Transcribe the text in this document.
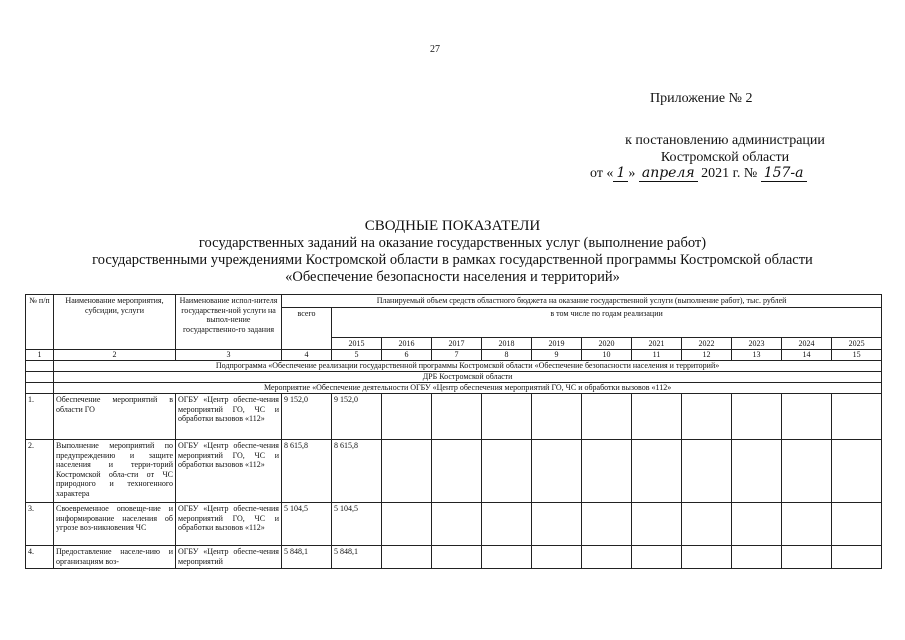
27
Приложение № 2
к постановлению администрации
Костромской области
от « 1 » апреля 2021 г. № 157-а
СВОДНЫЕ ПОКАЗАТЕЛИ
государственных заданий на оказание государственных услуг (выполнение работ)
государственными учреждениями Костромской области в рамках государственной программы Костромской области
«Обеспечение безопасности населения и территорий»
№ п/п	Наименование мероприятия, субсидии, услуги	Наименование испол-нителя государствен-ной услуги на выпол-нение государственно-го задания	Планируемый объем средств областного бюджета на оказание государственной услуги (выполнение работ), тыс. рублей											
			всего	в том числе по годам реализации										
				2015	2016	2017	2018	2019	2020	2021	2022	2023	2024	2025
1	2	3	4	5	6	7	8	9	10	11	12	13	14	15
	Подпрограмма «Обеспечение реализации государственной программы Костромской области «Обеспечение безопасности населения и территорий»													
	ДРБ Костромской области													
	Мероприятие «Обеспечение деятельности ОГБУ «Центр обеспечения мероприятий ГО, ЧС и обработки вызовов «112»													
1.	Обеспечение мероприятий в области ГО	ОГБУ «Центр обеспе-чения мероприятий ГО, ЧС и обработки вызовов «112»	9 152,0	9 152,0										
2.	Выполнение мероприятий по предупреждению и защите населения и терри-торий Костромской обла-сти от ЧС природного и техногенного характера	ОГБУ «Центр обеспе-чения мероприятий ГО, ЧС и обработки вызовов «112»	8 615,8	8 615,8										
3.	Своевременное оповеще-ние и информирование населения об угрозе воз-никновения ЧС	ОГБУ «Центр обеспе-чения мероприятий ГО, ЧС и обработки вызовов «112»	5 104,5	5 104,5										
4.	Предоставление населе-нию и организациям воз-	ОГБУ «Центр обеспе-чения мероприятий	5 848,1	5 848,1										
